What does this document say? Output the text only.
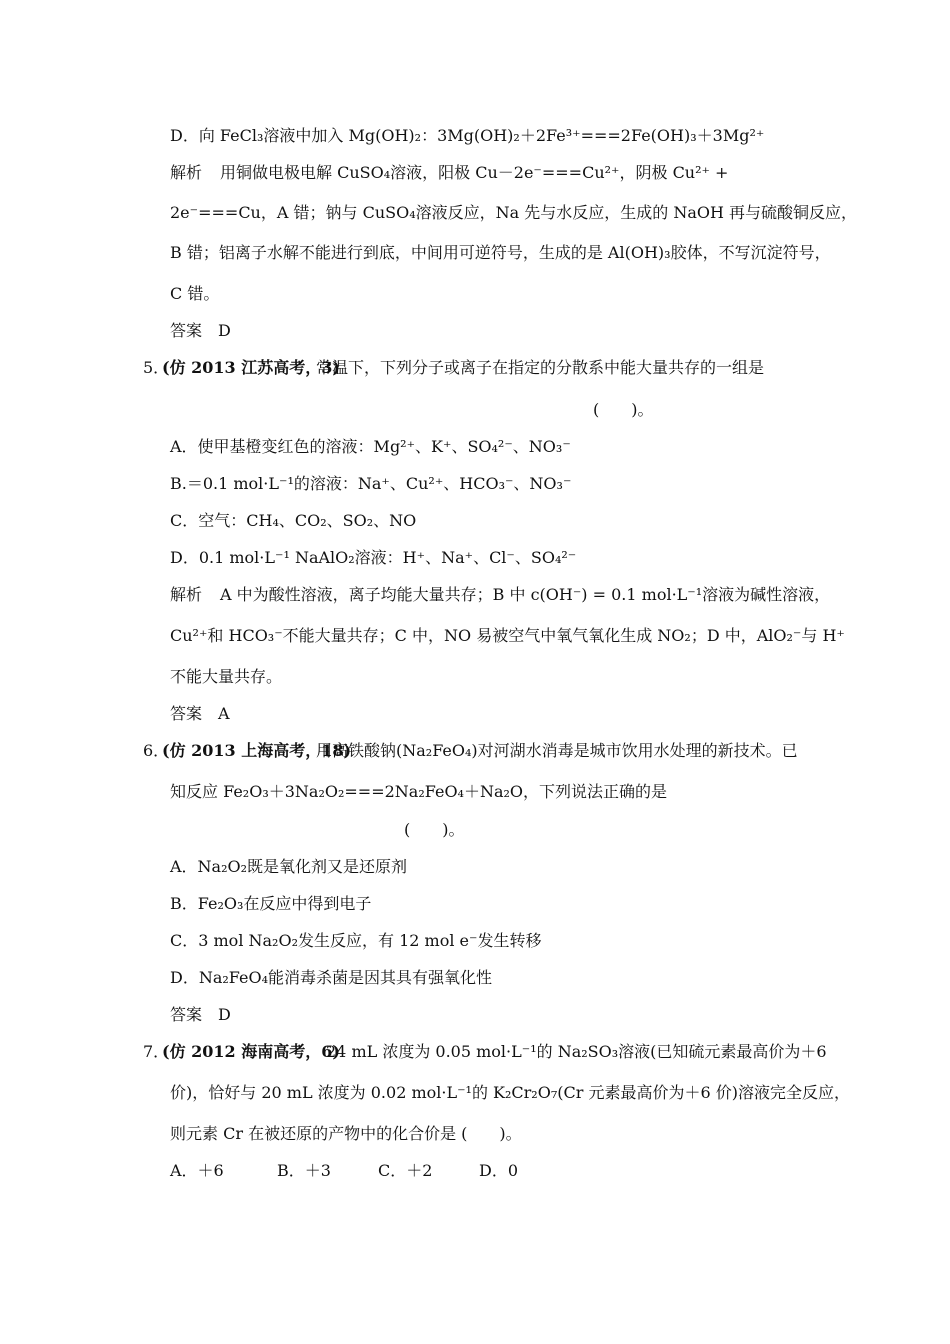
D．向 FeCl₃溶液中加入 Mg(OH)₂：3Mg(OH)₂＋2Fe³⁺===2Fe(OH)₃＋3Mg²⁺
解析 用铜做电极电解 CuSO₄溶液，阳极 Cu－2e⁻===Cu²⁺，阴极 Cu²⁺ +
2e⁻===Cu，A 错；钠与 CuSO₄溶液反应，Na 先与水反应，生成的 NaOH 再与硫酸铜反应，
B 错；铝离子水解不能进行到底，中间用可逆符号，生成的是 Al(OH)₃胶体，不写沉淀符号，
C 错。
答案 D
5．
(仿 2013 江苏高考，3)
常温下，下列分子或离子在指定的分散系中能大量共存的一组是
(　　)。
A．使甲基橙变红色的溶液：Mg²⁺、K⁺、SO₄²⁻、NO₃⁻
B.＝0.1 mol·L⁻¹的溶液：Na⁺、Cu²⁺、HCO₃⁻、NO₃⁻
C．空气：CH₄、CO₂、SO₂、NO
D．0.1 mol·L⁻¹ NaAlO₂溶液：H⁺、Na⁺、Cl⁻、SO₄²⁻
解析 A 中为酸性溶液，离子均能大量共存；B 中 c(OH⁻) = 0.1 mol·L⁻¹溶液为碱性溶液，
Cu²⁺和 HCO₃⁻不能大量共存；C 中，NO 易被空气中氧气氧化生成 NO₂；D 中，AlO₂⁻与 H⁺
不能大量共存。
答案 A
6．
(仿 2013 上海高考，18)
用高铁酸钠(Na₂FeO₄)对河湖水消毒是城市饮用水处理的新技术。已
知反应 Fe₂O₃＋3Na₂O₂===2Na₂FeO₄＋Na₂O，下列说法正确的是
(　　)。
A．Na₂O₂既是氧化剂又是还原剂
B．Fe₂O₃在反应中得到电子
C．3 mol Na₂O₂发生反应，有 12 mol e⁻发生转移
D．Na₂FeO₄能消毒杀菌是因其具有强氧化性
答案 D
7．
(仿 2012 海南高考，6)
24 mL 浓度为 0.05 mol·L⁻¹的 Na₂SO₃溶液(已知硫元素最高价为＋6
价)，恰好与 20 mL 浓度为 0.02 mol·L⁻¹的 K₂Cr₂O₇(Cr 元素最高价为＋6 价)溶液完全反应，
则元素 Cr 在被还原的产物中的化合价是 (　　)。
A．＋6	B．＋3	C．＋2	D．0
